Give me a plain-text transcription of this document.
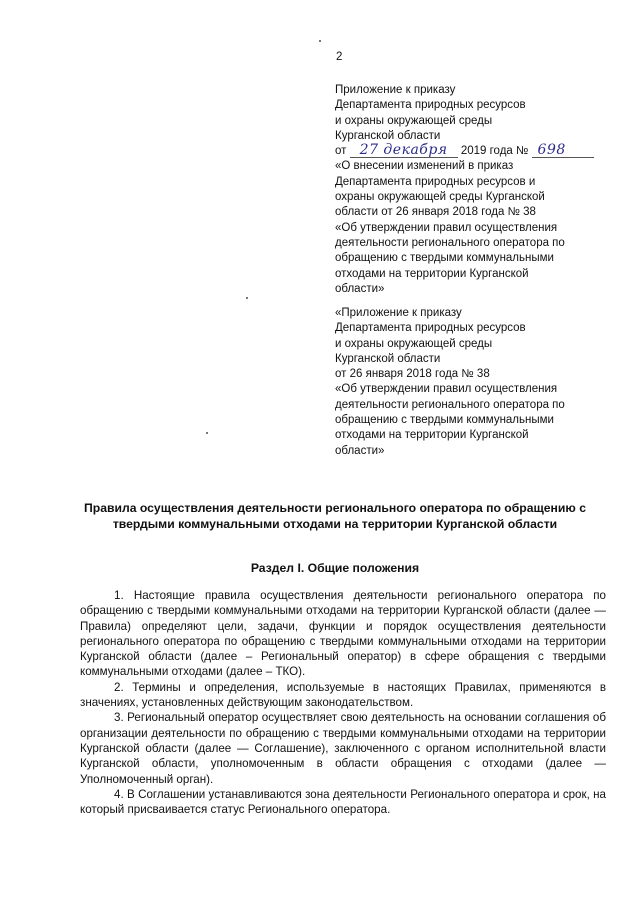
2
Приложение к приказу
Департамента природных ресурсов
и охраны окружающей среды
Курганской области
от 27 декабря 2019 года № 698
«О внесении изменений в приказ
Департамента природных ресурсов и
охраны окружающей среды Курганской
области от 26 января 2018 года № 38
«Об утверждении правил осуществления
деятельности регионального оператора по
обращению с твердыми коммунальными
отходами на территории Курганской
области»
«Приложение к приказу
Департамента природных ресурсов
и охраны окружающей среды
Курганской области
от 26 января 2018 года № 38
«Об утверждении правил осуществления
деятельности регионального оператора по
обращению с твердыми коммунальными
отходами на территории Курганской
области»
Правила осуществления деятельности регионального оператора по обращению с твердыми коммунальными отходами на территории Курганской области
Раздел I. Общие положения

1. Настоящие правила осуществления деятельности регионального оператора по обращению с твердыми коммунальными отходами на территории Курганской области (далее — Правила) определяют цели, задачи, функции и порядок осуществления деятельности регионального оператора по обращению с твердыми коммунальными отходами на территории Курганской области (далее – Региональный оператор) в сфере обращения с твердыми коммунальными отходами (далее – ТКО).

2. Термины и определения, используемые в настоящих Правилах, применяются в значениях, установленных действующим законодательством.

3. Региональный оператор осуществляет свою деятельность на основании соглашения об организации деятельности по обращению с твердыми коммунальными отходами на территории Курганской области (далее — Соглашение), заключенного с органом исполнительной власти Курганской области, уполномоченным в области обращения с отходами (далее — Уполномоченный орган).

4. В Соглашении устанавливаются зона деятельности Регионального оператора и срок, на который присваивается статус Регионального оператора.
